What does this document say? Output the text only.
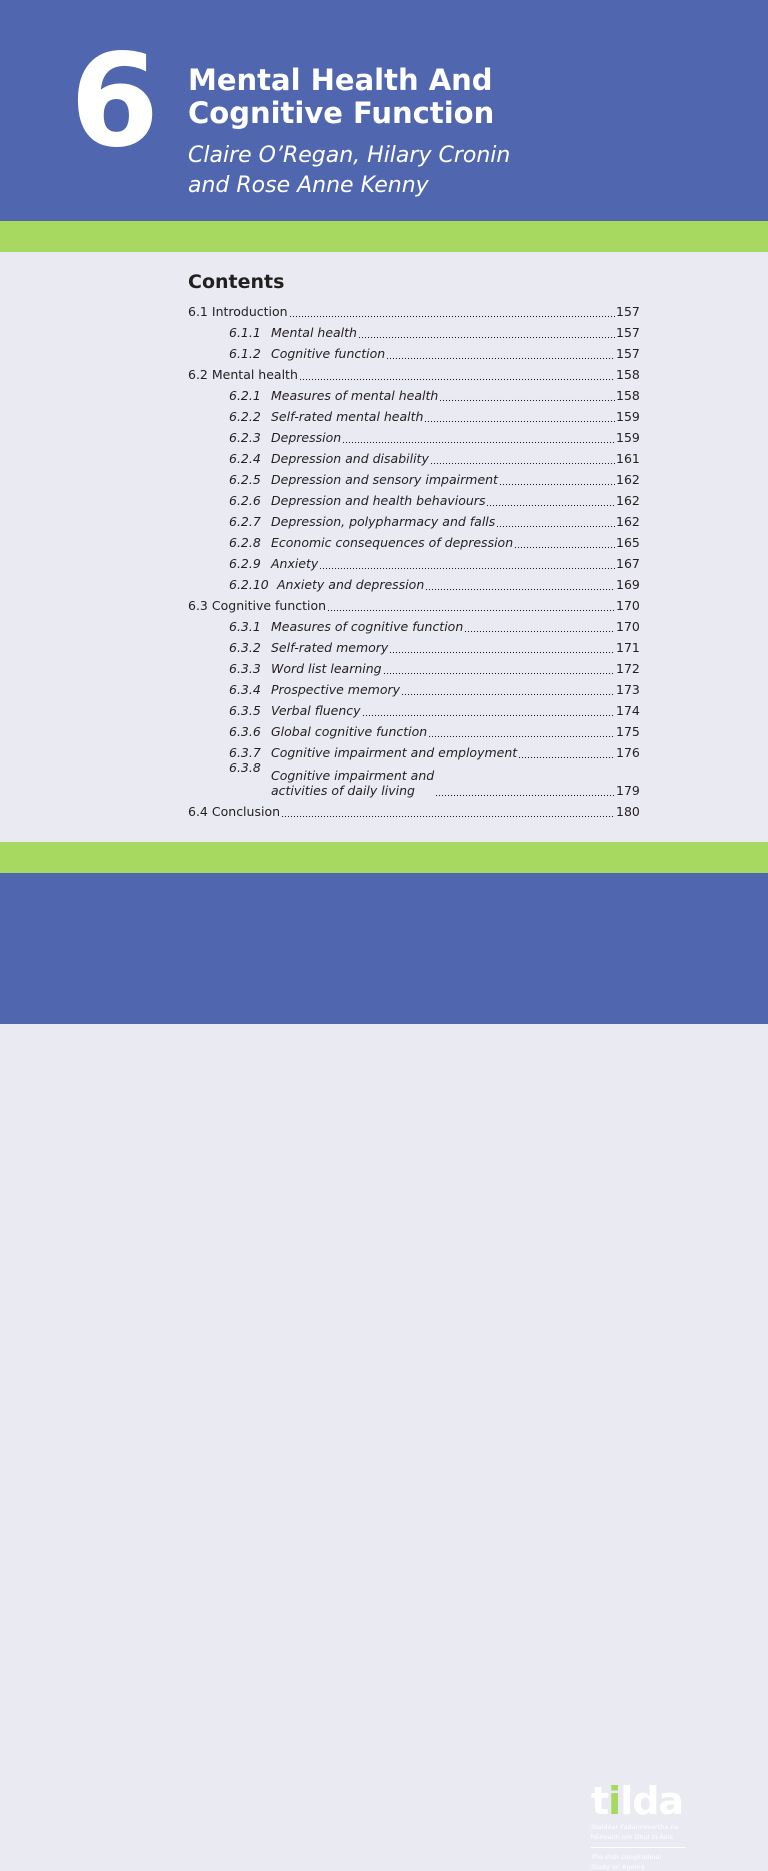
6 Mental Health And
Cognitive Function
Claire O’Regan, Hilary Cronin
and Rose Anne Kenny
Contents
6.1 Introduction	157
6.1.1 Mental health	157
6.1.2 Cognitive function	157
6.2 Mental health	158
6.2.1 Measures of mental health	158
6.2.2 Self-rated mental health	159
6.2.3 Depression	159
6.2.4 Depression and disability	161
6.2.5 Depression and sensory impairment	162
6.2.6 Depression and health behaviours	162
6.2.7 Depression, polypharmacy and falls	162
6.2.8 Economic consequences of depression	165
6.2.9 Anxiety	167
6.2.10 Anxiety and depression	169
6.3 Cognitive function	170
6.3.1 Measures of cognitive function	170
6.3.2 Self-rated memory	171
6.3.3 Word list learning	172
6.3.4 Prospective memory	173
6.3.5 Verbal fluency	174
6.3.6 Global cognitive function	175
6.3.7 Cognitive impairment and employment	176
6.3.8
Cognitive impairment and
activities of daily living	179
6.4 Conclusion	180
tilda
Staidéar Fadaimseartha na
hÉireann um Dhul in Aois
The Irish Longitudinal
Study on Ageing
